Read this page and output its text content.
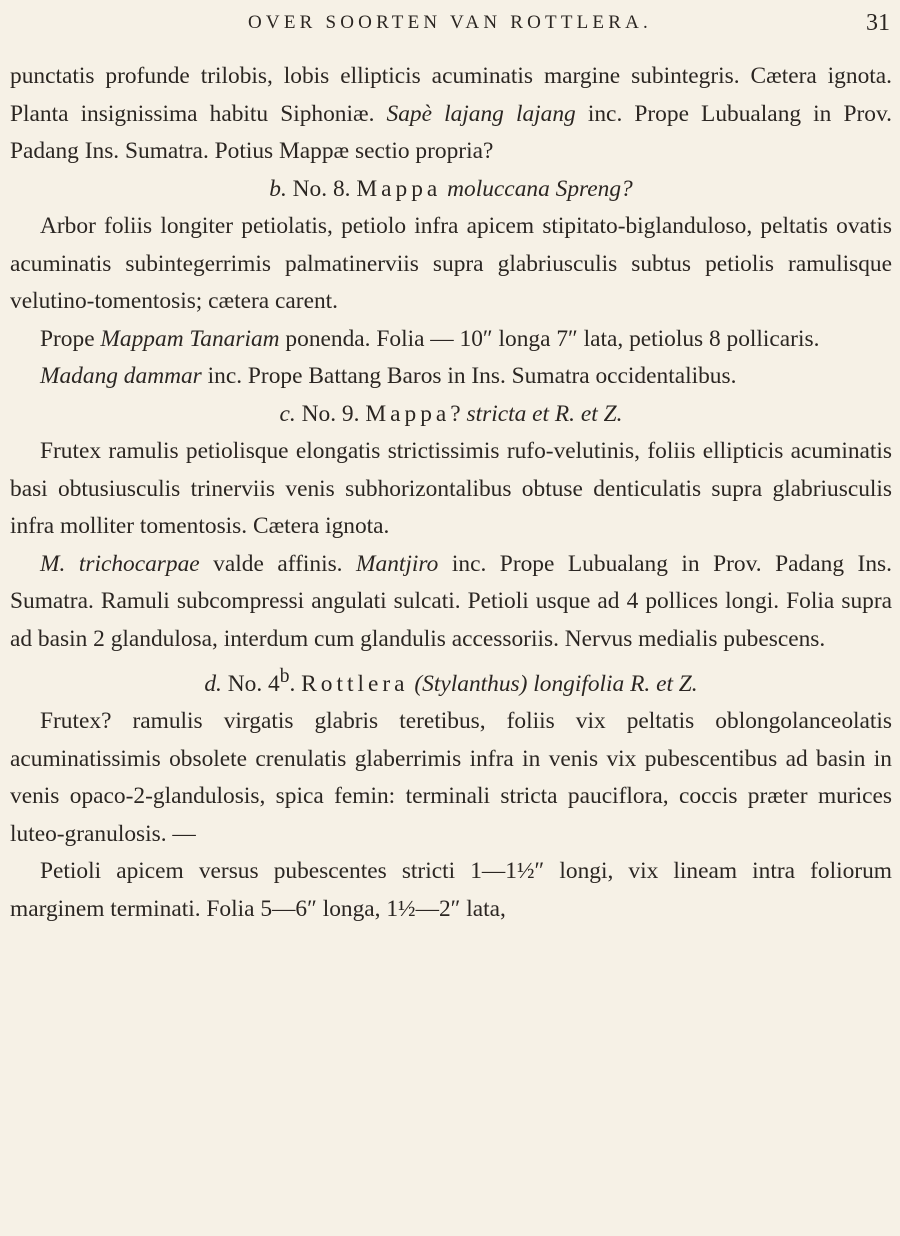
OVER SOORTEN VAN ROTTLERA.	31

punctatis profunde trilobis, lobis ellipticis acuminatis margine subintegris. Cætera ignota. Planta insignissima habitu Siphoniæ. Sapè lajang lajang inc. Prope Lubualang in Prov. Padang Ins. Sumatra. Potius Mappæ sectio propria?

b. No. 8. Mappa moluccana Spreng?

Arbor foliis longiter petiolatis, petiolo infra apicem stipitato-biglanduloso, peltatis ovatis acuminatis subintegerrimis palmatinerviis supra glabriusculis subtus petiolis ramulisque velutino-tomentosis; cætera carent.

Prope Mappam Tanariam ponenda. Folia — 10″ longa 7″ lata, petiolus 8 pollicaris.

Madang dammar inc. Prope Battang Baros in Ins. Sumatra occidentalibus.

c. No. 9. Mappa? stricta et R. et Z.

Frutex ramulis petiolisque elongatis strictissimis rufo-velutinis, foliis ellipticis acuminatis basi obtusiusculis trinerviis venis subhorizontalibus obtuse denticulatis supra glabriusculis infra molliter tomentosis. Cætera ignota.

M. trichocarpae valde affinis. Mantjiro inc. Prope Lubualang in Prov. Padang Ins. Sumatra. Ramuli subcompressi angulati sulcati. Petioli usque ad 4 pollices longi. Folia supra ad basin 2 glandulosa, interdum cum glandulis accessoriis. Nervus medialis pubescens.

d. No. 4$^b$. Rottlera (Stylanthus) longifolia R. et Z.

Frutex? ramulis virgatis glabris teretibus, foliis vix peltatis oblongolanceolatis acuminatissimis obsolete crenulatis glaberrimis infra in venis vix pubescentibus ad basin in venis opaco-2-glandulosis, spica femin: terminali stricta pauciflora, coccis præter murices luteo-granulosis. —

Petioli apicem versus pubescentes stricti 1—1½″ longi, vix lineam intra foliorum marginem terminati. Folia 5—6″ longa, 1½—2″ lata,
